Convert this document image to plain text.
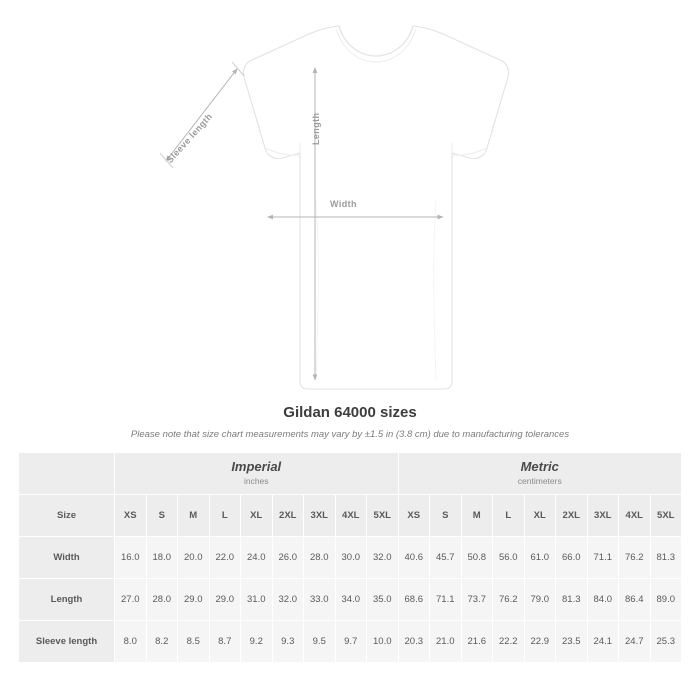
Width
Length
Sleeve length
Gildan 64000 sizes
Please note that size chart measurements may vary by ±1.5 in (3.8 cm) due to manufacturing tolerances

	Imperial
inches									Metric
centimeters								

Size	XS	S	M	L	XL	2XL	3XL	4XL	5XL	XS	S	M	L	XL	2XL	3XL	4XL	5XL
Width	16.0	18.0	20.0	22.0	24.0	26.0	28.0	30.0	32.0	40.6	45.7	50.8	56.0	61.0	66.0	71.1	76.2	81.3
Length	27.0	28.0	29.0	29.0	31.0	32.0	33.0	34.0	35.0	68.6	71.1	73.7	76.2	79.0	81.3	84.0	86.4	89.0
Sleeve length	8.0	8.2	8.5	8.7	9.2	9.3	9.5	9.7	10.0	20.3	21.0	21.6	22.2	22.9	23.5	24.1	24.7	25.3
